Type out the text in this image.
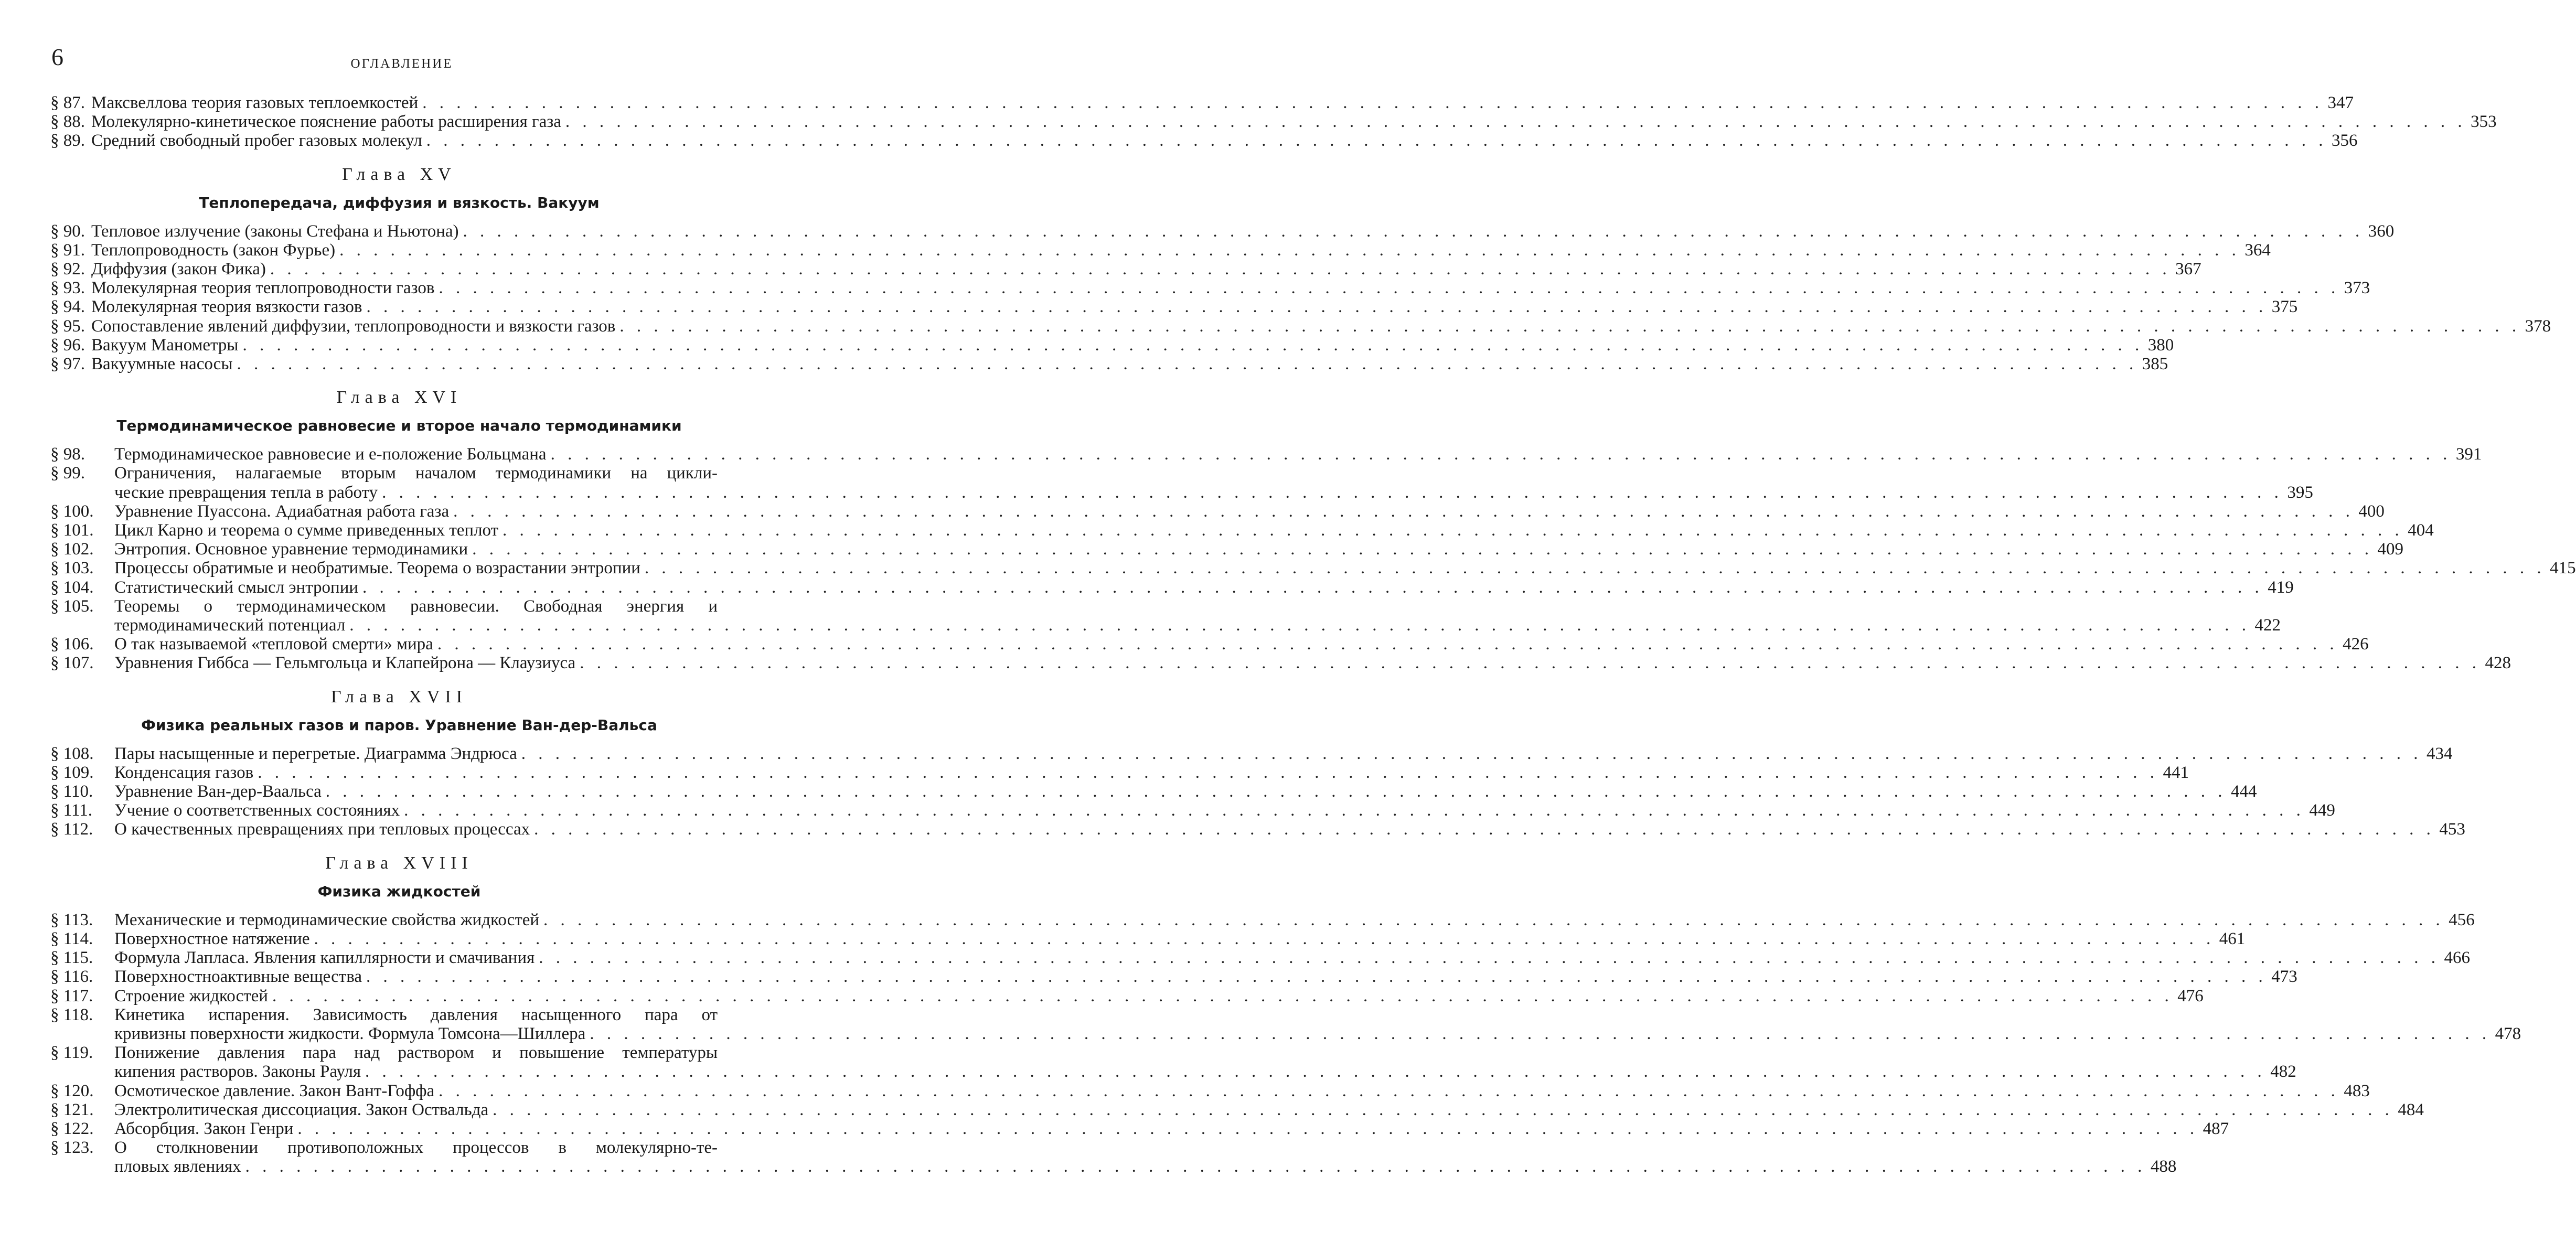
6	ОГЛАВЛЕНИЕ
§ 87. Максвеллова теория газовых теплоемкостей . . .	347
§ 88. Молекулярно-кинетическое пояснение работы расширения газа . . .	353
§ 89. Средний свободный пробег газовых молекул . . .	356
Глава XV
Теплопередача, диффузия и вязкость. Вакуум
§ 90. Тепловое излучение (законы Стефана и Ньютона) . . .	360
§ 91. Теплопроводность (закон Фурье) . . .	364
§ 92. Диффузия (закон Фика) . . .	367
§ 93. Молекулярная теория теплопроводности газов . . .	373
§ 94. Молекулярная теория вязкости газов . . .	375
§ 95. Сопоставление явлений диффузии, теплопроводности и вязкости газов . . .	378
§ 96. Вакуум Манометры . . .	380
§ 97. Вакуумные насосы . . .	385
Глава XVI
Термодинамическое равновесие и второе начало термодинамики
§ 98.	Термодинамическое равновесие и e-положение Больцмана . . .	391
§ 99.	Ограничения, налагаемые вторым началом термодинамики на цикли-
ческие превращения тепла в работу . . .	395
§ 100.	Уравнение Пуассона. Адиабатная работа газа . . .	400
§ 101.	Цикл Карно и теорема о сумме приведенных теплот . . .	404
§ 102.	Энтропия. Основное уравнение термодинамики . . .	409
§ 103.	Процессы обратимые и необратимые. Теорема о возрастании энтропии . . .	415
§ 104.	Статистический смысл энтропии . . .	419
§ 105.	Теоремы о термодинамическом равновесии. Свободная энергия и
термодинамический потенциал . . .	422
§ 106.	О так называемой «тепловой смерти» мира . . .	426
§ 107.	Уравнения Гиббса — Гельмгольца и Клапейрона — Клаузиуса . . .	428
Глава XVII
Физика реальных газов и паров. Уравнение Ван-дер-Вальса
§ 108.	Пары насыщенные и перегретые. Диаграмма Эндрюса . . .	434
§ 109.	Конденсация газов . . .	441
§ 110.	Уравнение Ван-дер-Ваальса . . .	444
§ 111.	Учение о соответственных состояниях . . .	449
§ 112.	О качественных превращениях при тепловых процессах . . .	453
Глава XVIII
Физика жидкостей
§ 113.	Механические и термодинамические свойства жидкостей . . .	456
§ 114.	Поверхностное натяжение . . .	461
§ 115.	Формула Лапласа. Явления капиллярности и смачивания . . .	466
§ 116.	Поверхностноактивные вещества . . .	473
§ 117.	Строение жидкостей . . .	476
§ 118.	Кинетика испарения. Зависимость давления насыщенного пара от
кривизны поверхности жидкости. Формула Томсона—Шиллера . . .	478
§ 119.	Понижение давления пара над раствором и повышение температуры
кипения растворов. Законы Рауля . . .	482
§ 120.	Осмотическое давление. Закон Вант-Гоффа . . .	483
§ 121.	Электролитическая диссоциация. Закон Оствальда . . .	484
§ 122.	Абсорбция. Закон Генри . . .	487
§ 123.	О столкновении противоположных процессов в молекулярно-те-
пловых явлениях . . .	488
